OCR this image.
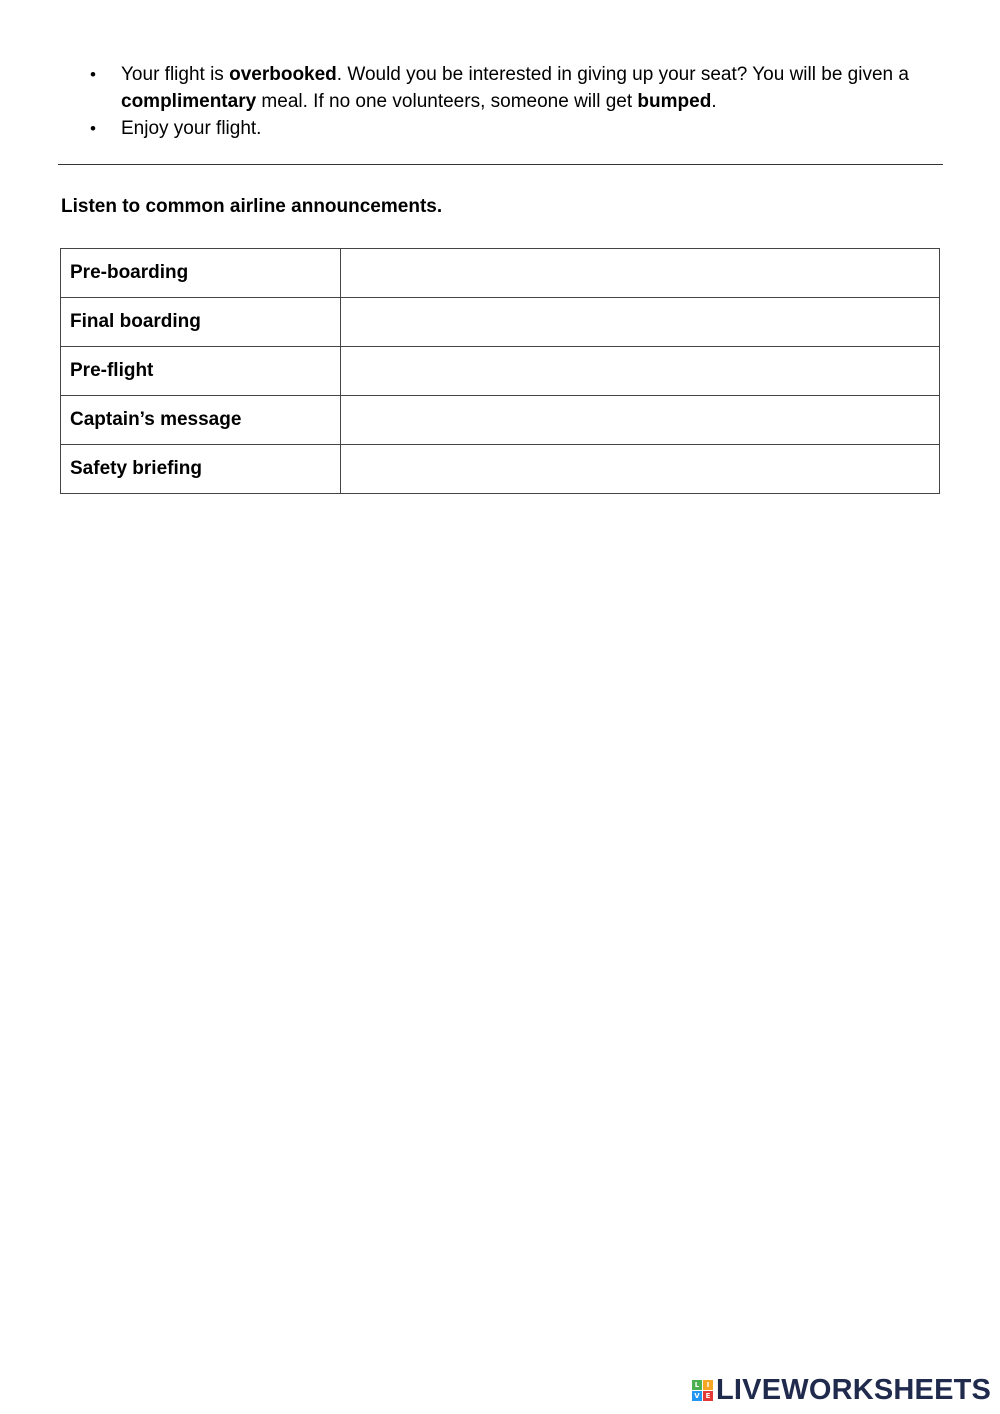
• Your flight is overbooked. Would you be interested in giving up your seat? You will be given a complimentary meal. If no one volunteers, someone will get bumped.
• Enjoy your flight.
Listen to common airline announcements.
Pre-boarding	
Final boarding	
Pre-flight	
Captain’s message	
Safety briefing	
L	I
V E LIVEWORKSHEETS
